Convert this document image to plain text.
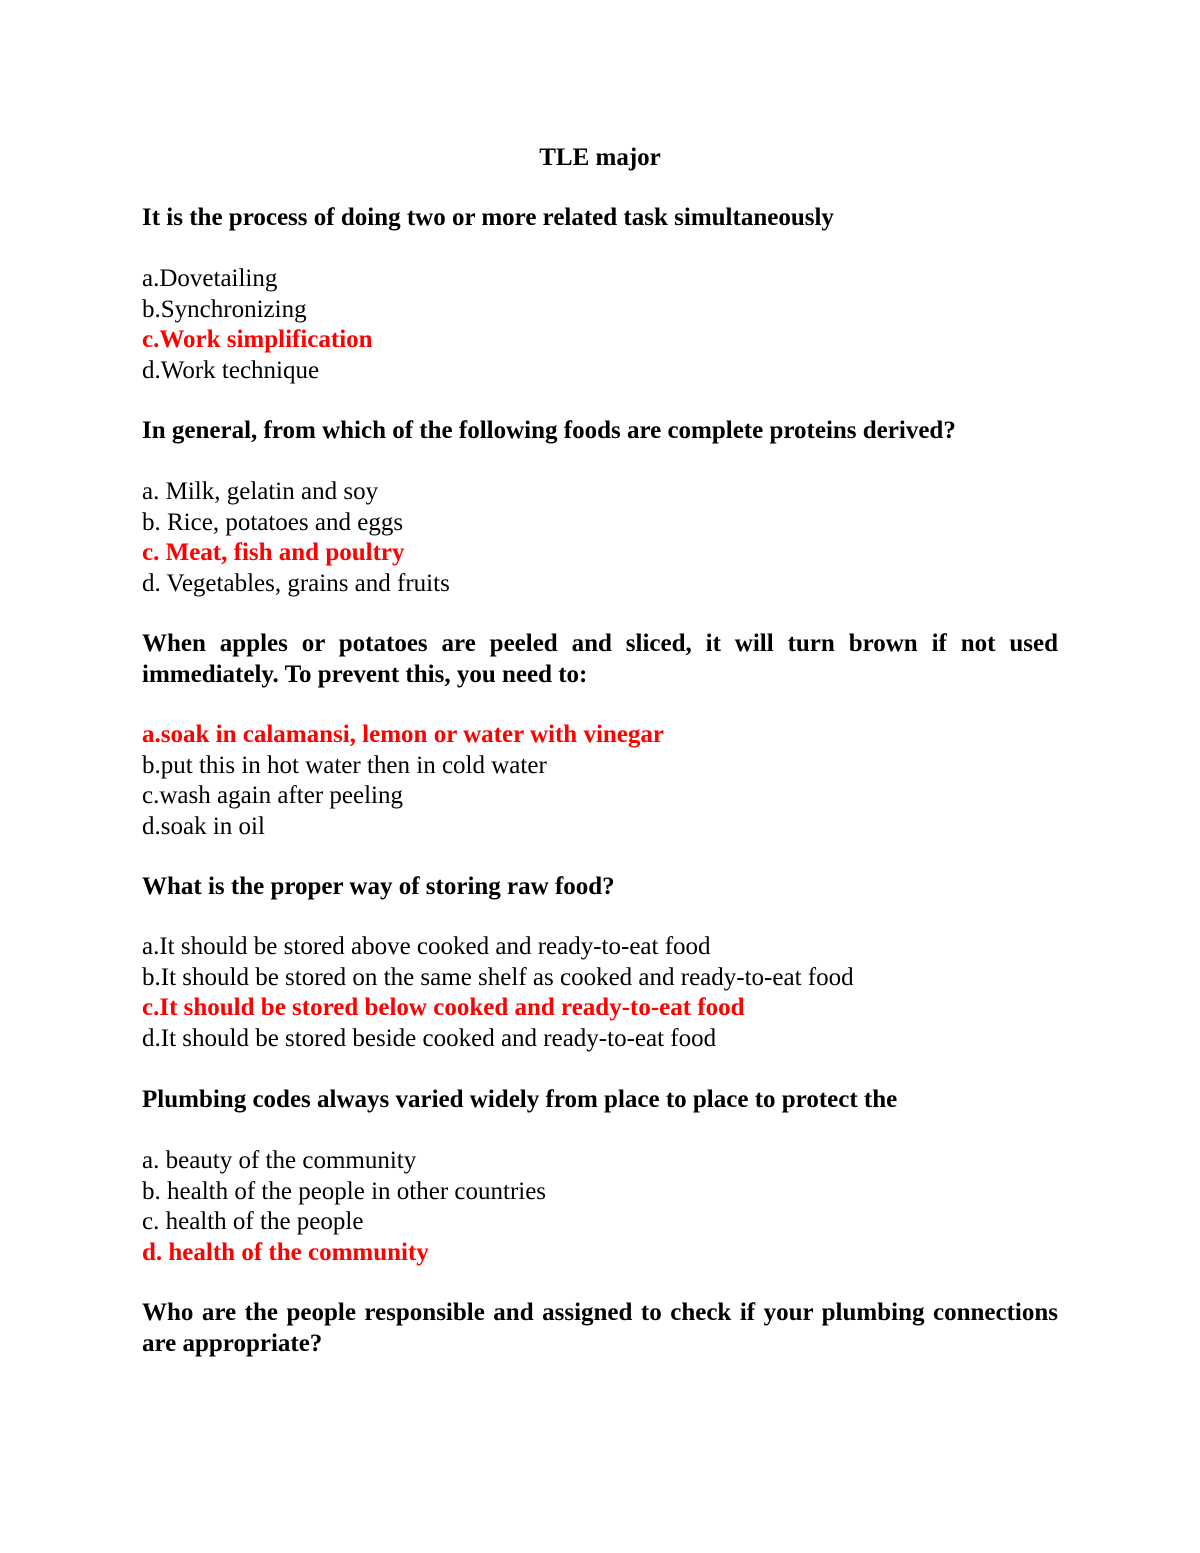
TLE major

It is the process of doing two or more related task simultaneously

a.Dovetailing
b.Synchronizing
c.Work simplification
d.Work technique

In general, from which of the following foods are complete proteins derived?

a. Milk, gelatin and soy
b. Rice, potatoes and eggs
c. Meat, fish and poultry
d. Vegetables, grains and fruits

When apples or potatoes are peeled and sliced, it will turn brown if not used immediately. To prevent this, you need to:

a.soak in calamansi, lemon or water with vinegar
b.put this in hot water then in cold water
c.wash again after peeling
d.soak in oil

What is the proper way of storing raw food?

a.It should be stored above cooked and ready-to-eat food
b.It should be stored on the same shelf as cooked and ready-to-eat food
c.It should be stored below cooked and ready-to-eat food
d.It should be stored beside cooked and ready-to-eat food

Plumbing codes always varied widely from place to place to protect the

a. beauty of the community
b. health of the people in other countries
c. health of the people
d. health of the community

Who are the people responsible and assigned to check if your plumbing connections are appropriate?
